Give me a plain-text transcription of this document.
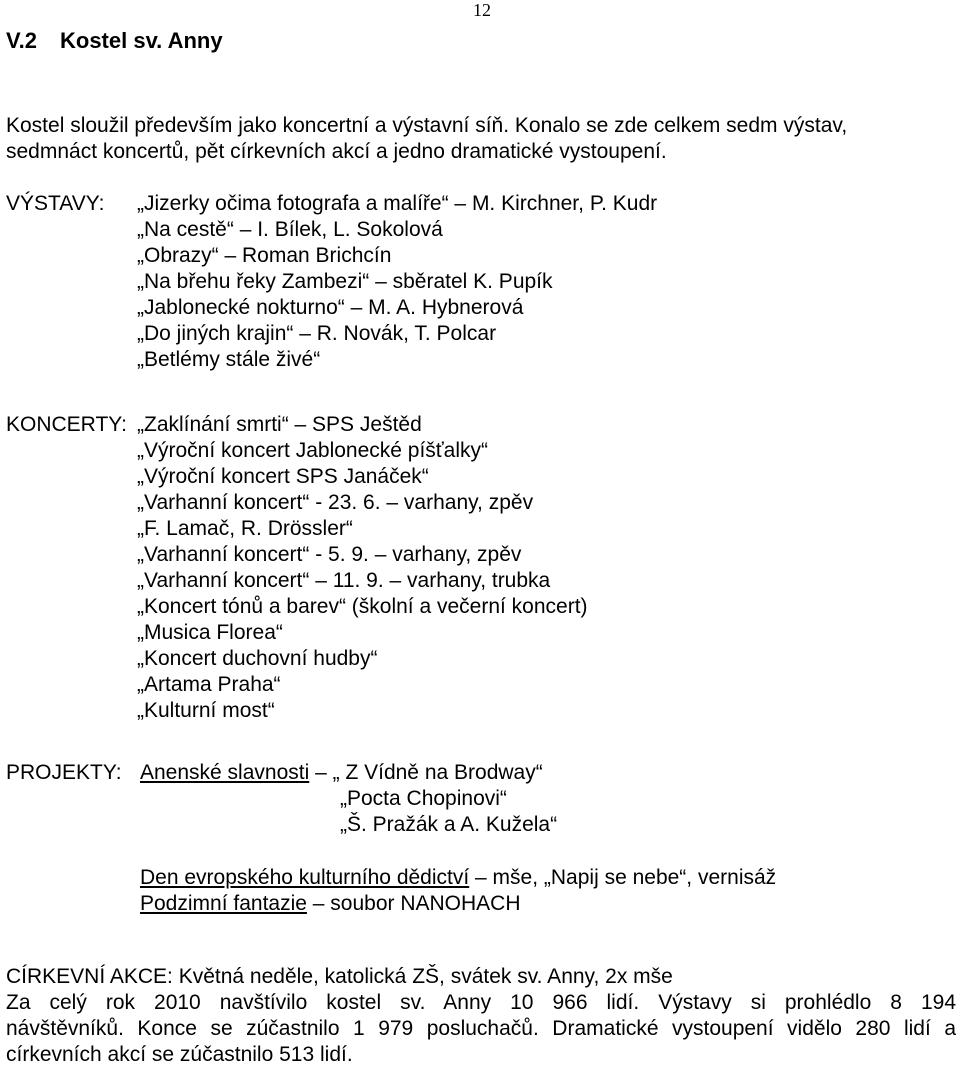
12
V.2 Kostel sv. Anny
Kostel sloužil především jako koncertní a výstavní síň. Konalo se zde celkem sedm výstav,
sedmnáct koncertů, pět církevních akcí a jedno dramatické vystoupení.
VÝSTAVY: „Jizerky očima fotografa a malíře“ – M. Kirchner, P. Kudr
„Na cestě“ – I. Bílek, L. Sokolová
„Obrazy“ – Roman Brichcín
„Na břehu řeky Zambezi“ – sběratel K. Pupík
„Jablonecké nokturno“ – M. A. Hybnerová
„Do jiných krajin“ – R. Novák, T. Polcar
„Betlémy stále živé“
KONCERTY: „Zaklínání smrti“ – SPS Ještěd
„Výroční koncert Jablonecké píšťalky“
„Výroční koncert SPS Janáček“
„Varhanní koncert“ - 23. 6. – varhany, zpěv
„F. Lamač, R. Drössler“
„Varhanní koncert“ - 5. 9. – varhany, zpěv
„Varhanní koncert“ – 11. 9. – varhany, trubka
„Koncert tónů a barev“ (školní a večerní koncert)
„Musica Florea“
„Koncert duchovní hudby“
„Artama Praha“
„Kulturní most“
PROJEKTY: Anenské slavnosti – „ Z Vídně na Brodway“
„Pocta Chopinovi“
„Š. Pražák a A. Kužela“
Den evropského kulturního dědictví – mše, „Napij se nebe“, vernisáž
Podzimní fantazie – soubor NANOHACH
CÍRKEVNÍ AKCE: Květná neděle, katolická ZŠ, svátek sv. Anny, 2x mše
Za celý rok 2010 navštívilo kostel sv. Anny 10 966 lidí. Výstavy si prohlédlo 8 194
návštěvníků. Konce se zúčastnilo 1 979 posluchačů. Dramatické vystoupení vidělo 280 lidí a
církevních akcí se zúčastnilo 513 lidí.
